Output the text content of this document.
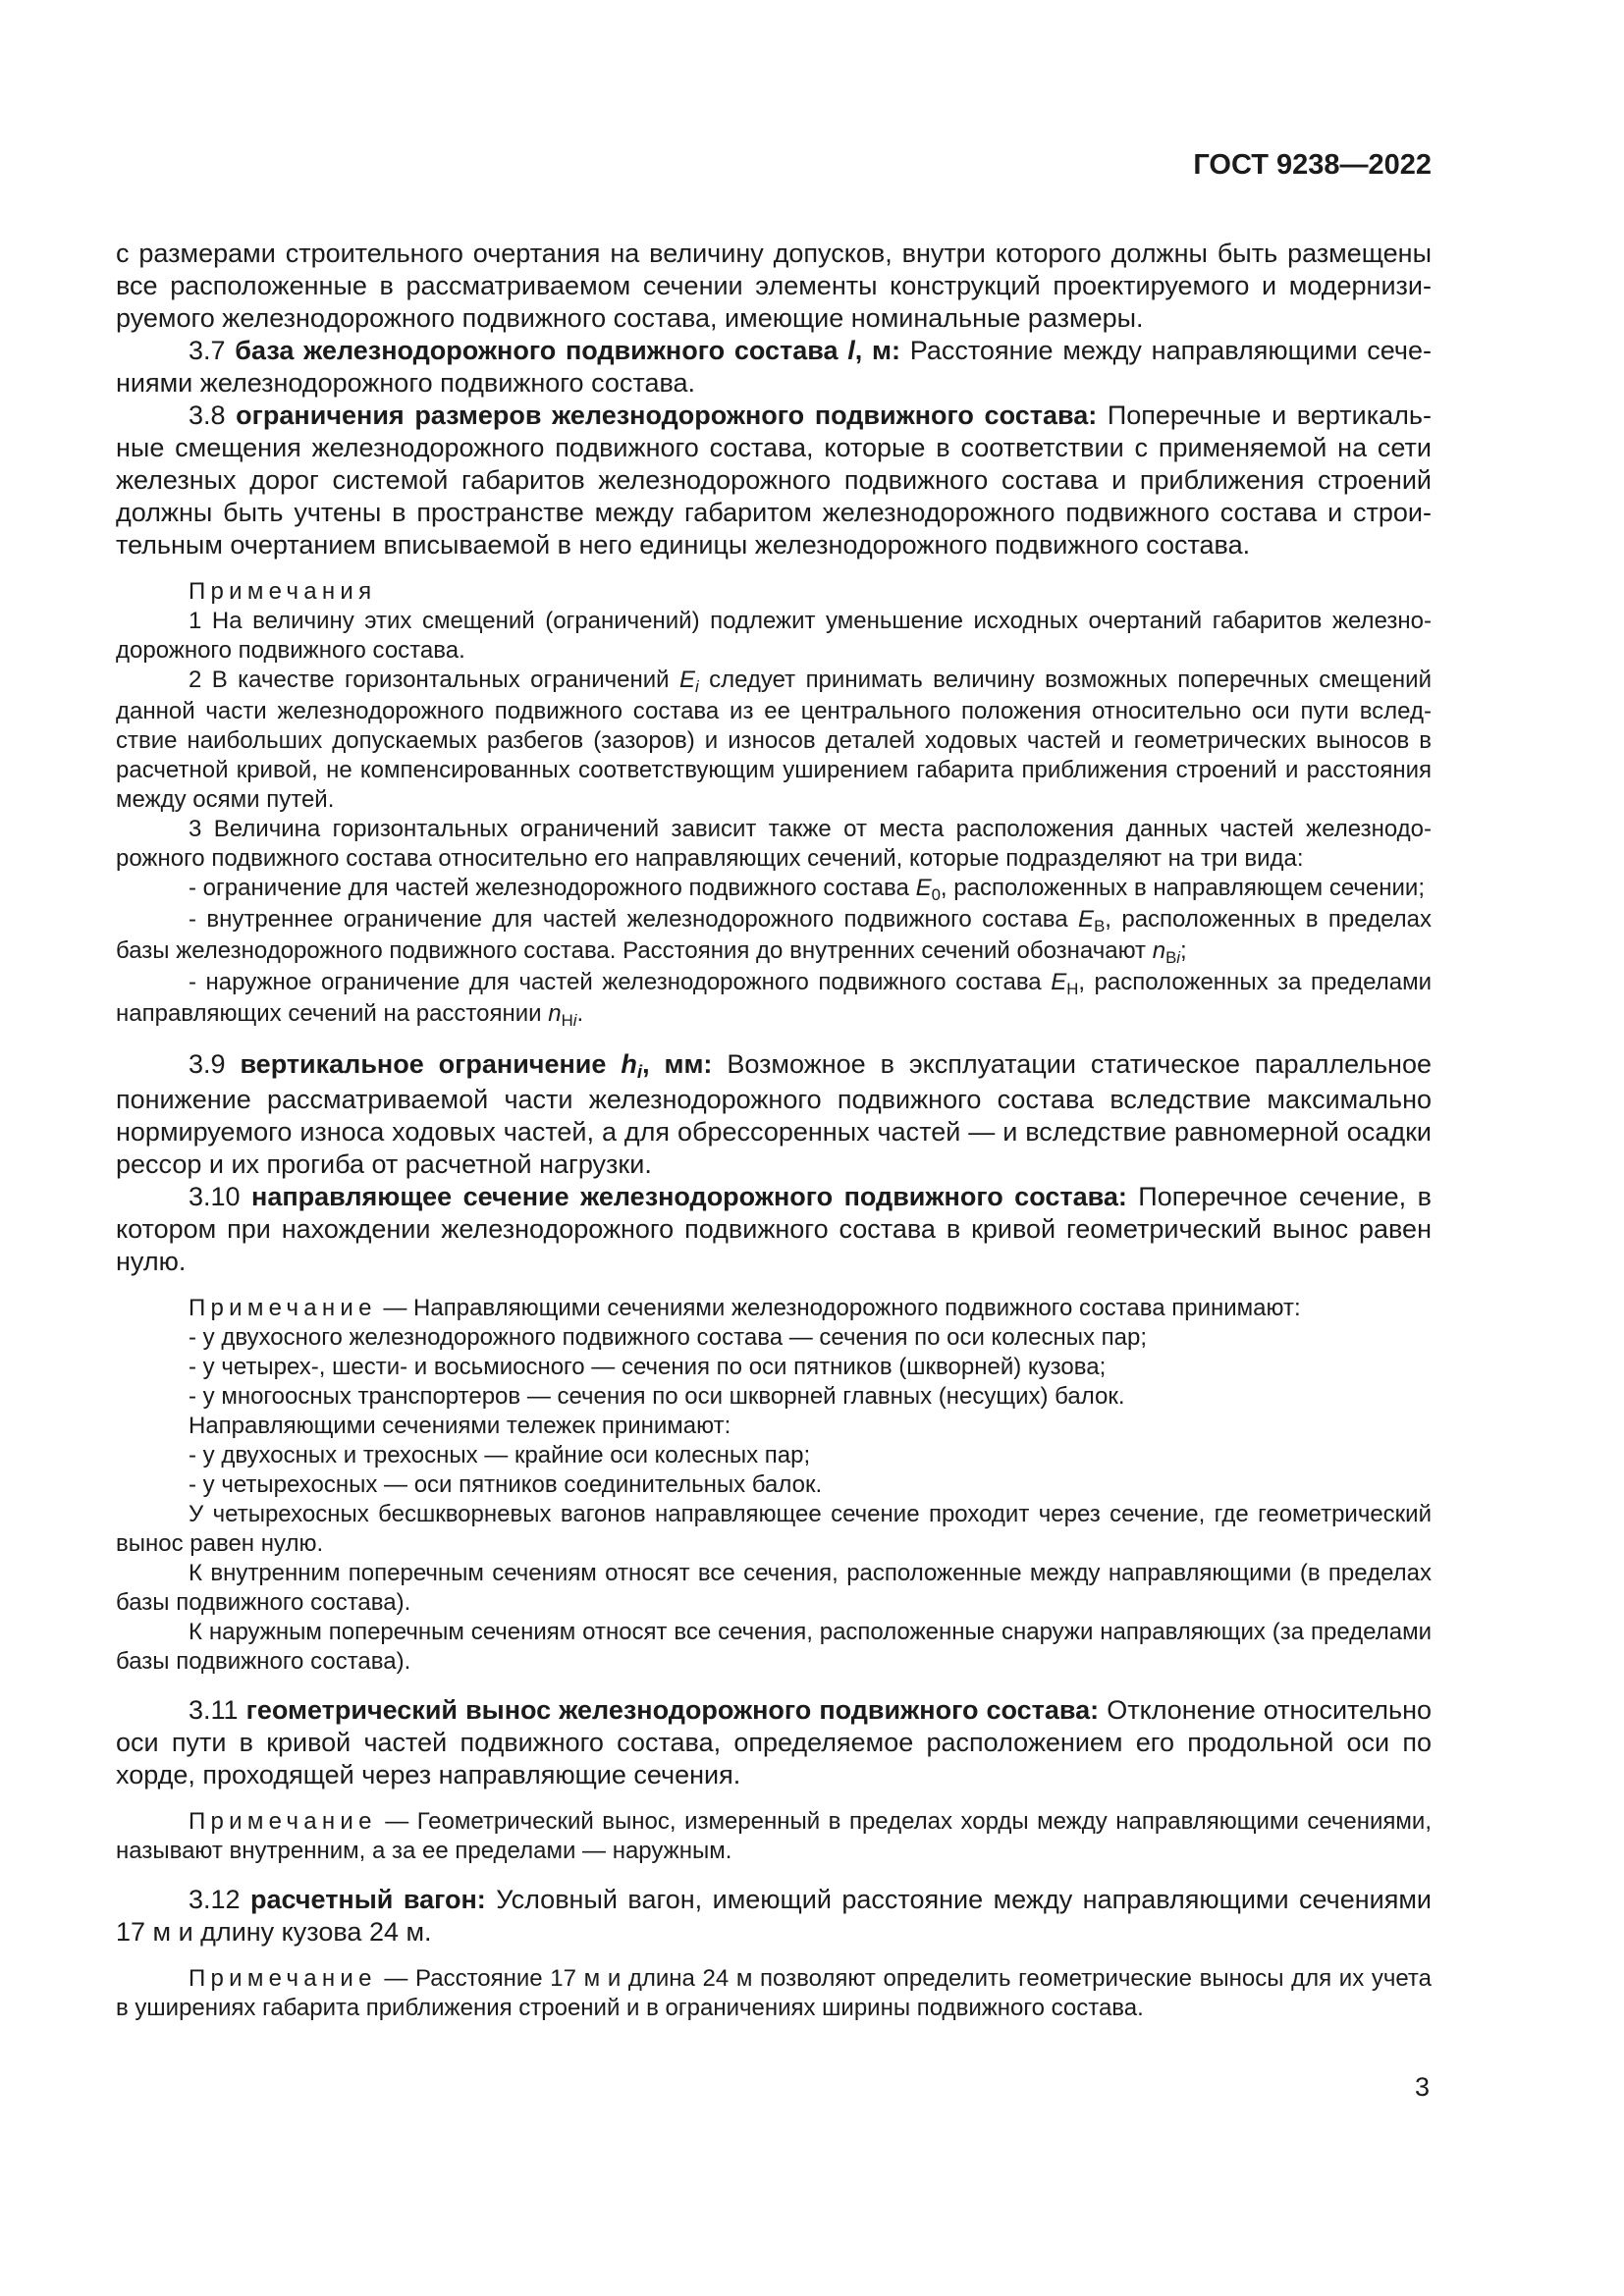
ГОСТ 9238—2022

с размерами строительного очертания на величину допусков, внутри которого должны быть размещены все расположенные в рассматриваемом сечении элементы конструкций проектируемого и модернизируемого железнодорожного подвижного состава, имеющие номинальные размеры.

3.7 база железнодорожного подвижного состава l, м: Расстояние между направляющими сечениями железнодорожного подвижного состава.

3.8 ограничения размеров железнодорожного подвижного состава: Поперечные и вертикальные смещения железнодорожного подвижного состава, которые в соответствии с применяемой на сети железных дорог системой габаритов железнодорожного подвижного состава и приближения строений должны быть учтены в пространстве между габаритом железнодорожного подвижного состава и строительным очертанием вписываемой в него единицы железнодорожного подвижного состава.

Примечания

1 На величину этих смещений (ограничений) подлежит уменьшение исходных очертаний габаритов железнодорожного подвижного состава.

2 В качестве горизонтальных ограничений Ei следует принимать величину возможных поперечных смещений данной части железнодорожного подвижного состава из ее центрального положения относительно оси пути вследствие наибольших допускаемых разбегов (зазоров) и износов деталей ходовых частей и геометрических выносов в расчетной кривой, не компенсированных соответствующим уширением габарита приближения строений и расстояния между осями путей.

3 Величина горизонтальных ограничений зависит также от места расположения данных частей железнодорожного подвижного состава относительно его направляющих сечений, которые подразделяют на три вида:

- ограничение для частей железнодорожного подвижного состава E0, расположенных в направляющем сечении;

- внутреннее ограничение для частей железнодорожного подвижного состава EВ, расположенных в пределах базы железнодорожного подвижного состава. Расстояния до внутренних сечений обозначают nВi;

- наружное ограничение для частей железнодорожного подвижного состава EН, расположенных за пределами направляющих сечений на расстоянии nНi.

3.9 вертикальное ограничение hi, мм: Возможное в эксплуатации статическое параллельное понижение рассматриваемой части железнодорожного подвижного состава вследствие максимально нормируемого износа ходовых частей, а для обрессоренных частей — и вследствие равномерной осадки рессор и их прогиба от расчетной нагрузки.

3.10 направляющее сечение железнодорожного подвижного состава: Поперечное сечение, в котором при нахождении железнодорожного подвижного состава в кривой геометрический вынос равен нулю.

Примечание — Направляющими сечениями железнодорожного подвижного состава принимают:

- у двухосного железнодорожного подвижного состава — сечения по оси колесных пар;

- у четырех-, шести- и восьмиосного — сечения по оси пятников (шкворней) кузова;

- у многоосных транспортеров — сечения по оси шкворней главных (несущих) балок.

Направляющими сечениями тележек принимают:

- у двухосных и трехосных — крайние оси колесных пар;

- у четырехосных — оси пятников соединительных балок.

У четырехосных бесшкворневых вагонов направляющее сечение проходит через сечение, где геометрический вынос равен нулю.

К внутренним поперечным сечениям относят все сечения, расположенные между направляющими (в пределах базы подвижного состава).

К наружным поперечным сечениям относят все сечения, расположенные снаружи направляющих (за пределами базы подвижного состава).

3.11 геометрический вынос железнодорожного подвижного состава: Отклонение относительно оси пути в кривой частей подвижного состава, определяемое расположением его продольной оси по хорде, проходящей через направляющие сечения.

Примечание — Геометрический вынос, измеренный в пределах хорды между направляющими сечениями, называют внутренним, а за ее пределами — наружным.

3.12 расчетный вагон: Условный вагон, имеющий расстояние между направляющими сечениями 17 м и длину кузова 24 м.

Примечание — Расстояние 17 м и длина 24 м позволяют определить геометрические выносы для их учета в уширениях габарита приближения строений и в ограничениях ширины подвижного состава.

3
